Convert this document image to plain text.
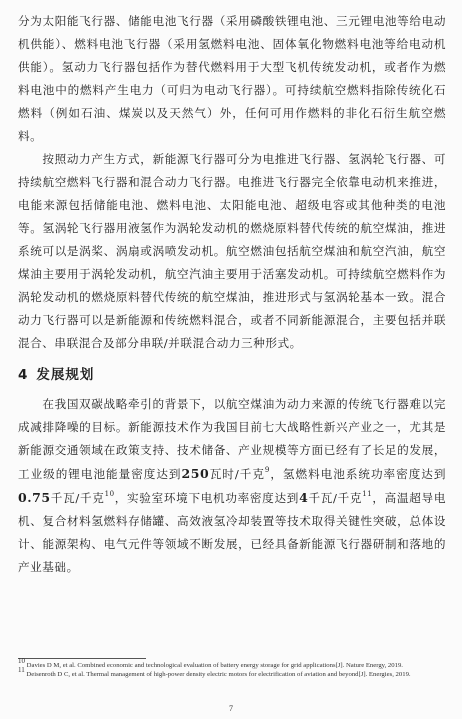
分为太阳能飞行器、储能电池飞行器（采用磷酸铁锂电池、三元锂电池等给电动机供能）、燃料电池飞行器（采用氢燃料电池、固体氧化物燃料电池等给电动机供能）。氢动力飞行器包括作为替代燃料用于大型飞机传统发动机，或者作为燃料电池中的燃料产生电力（可归为电动飞行器）。可持续航空燃料指除传统化石燃料（例如石油、煤炭以及天然气）外，任何可用作燃料的非化石衍生航空燃料。

按照动力产生方式，新能源飞行器可分为电推进飞行器、氢涡轮飞行器、可持续航空燃料飞行器和混合动力飞行器。电推进飞行器完全依靠电动机来推进，电能来源包括储能电池、燃料电池、太阳能电池、超级电容或其他种类的电池等。氢涡轮飞行器用液氢作为涡轮发动机的燃烧原料替代传统的航空煤油，推进系统可以是涡桨、涡扇或涡喷发动机。航空燃油包括航空煤油和航空汽油，航空煤油主要用于涡轮发动机，航空汽油主要用于活塞发动机。可持续航空燃料作为涡轮发动机的燃烧原料替代传统的航空煤油，推进形式与氢涡轮基本一致。混合动力飞行器可以是新能源和传统燃料混合，或者不同新能源混合，主要包括并联混合、串联混合及部分串联/并联混合动力三种形式。

4 发展规划

在我国双碳战略牵引的背景下，以航空煤油为动力来源的传统飞行器难以完成减排降噪的目标。新能源技术作为我国目前七大战略性新兴产业之一，尤其是新能源交通领域在政策支持、技术储备、产业规模等方面已经有了长足的发展，工业级的锂电池能量密度达到250瓦时/千克$^9$，氢燃料电池系统功率密度达到0.75千瓦/千克$^{10}$，实验室环境下电机功率密度达到4千瓦/千克$^{11}$，高温超导电机、复合材料氢燃料存储罐、高效液氢冷却装置等技术取得关键性突破，总体设计、能源架构、电气元件等领域不断发展，已经具备新能源飞行器研制和落地的产业基础。

$^{10}$ Davies D M, et al. Combined economic and technological evaluation of battery energy storage for grid applications[J]. Nature Energy, 2019.

$^{11}$ Deisenroth D C, et al. Thermal management of high-power density electric motors for electrification of aviation and beyond[J]. Energies, 2019.

7
